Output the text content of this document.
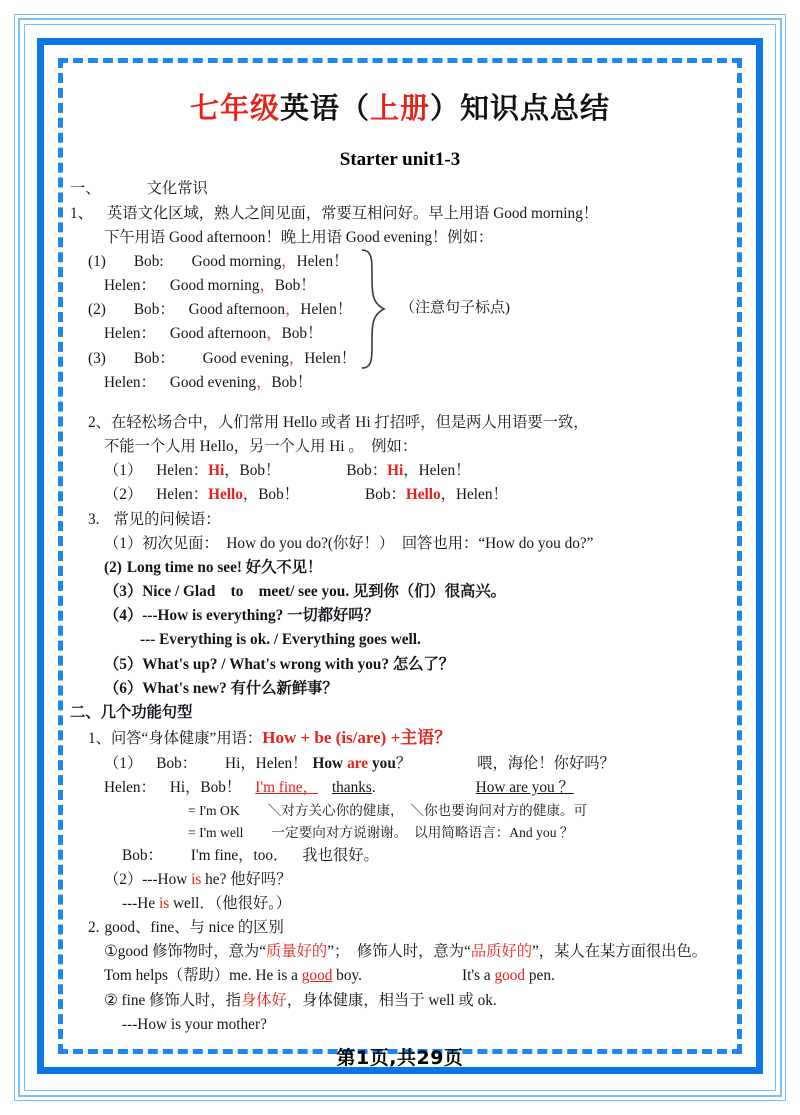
七年级英语（上册）知识点总结
Starter unit1-3

一、	文化常识

1、 英语文化区域，熟人之间见面，常要互相问好。早上用语 Good morning！

下午用语 Good afternoon！晚上用语 Good evening！例如：

(1) Bob: Good morning，Helen！

Helen： Good morning，Bob！

(2) Bob： Good afternoon，Helen！

Helen： Good afternoon，Bob！

(3) Bob： Good evening，Helen！

Helen： Good evening，Bob！

（注意句子标点)

2、在轻松场合中，人们常用 Hello 或者 Hi 打招呼，但是两人用语要一致，

不能一个人用 Hello，另一个人用 Hi 。　例如：

（1） Helen：Hi，Bob！	Bob：Hi，Helen！

（2） Helen：Hello，Bob！	Bob：Hello，Helen！

3. 常见的问候语：

（1）初次见面：　How do you do?(你好！）　回答也用：“How do you do?”

(2) Long time no see! 好久不见！

（3）Nice / Glad　to　meet/ see you. 见到你（们）很高兴。

（4）---How is everything? 一切都好吗？

--- Everything is ok. / Everything goes well.

（5）What's up? / What's wrong with you? 怎么了？

（6）What's new? 有什么新鲜事？

二、几个功能句型

1、问答“身体健康”用语：How + be (is/are) +主语？

（1） Bob： Hi，Helen！ How are you？	喂，海伦！你好吗？

Helen： Hi，Bob！ I'm fine， thanks.	How are you ？

= I'm OK ＼对方关心你的健康，　＼你也要询问对方的健康。可

= I'm well 一定要向对方说谢谢。　以用简略语言：And you ？

Bob： I'm fine，too． 我也很好。

（2）---How is he? 他好吗？

---He is well．（他很好。）

2. good、fine、与 nice 的区别

①good 修饰物时，意为“质量好的”；　修饰人时，意为“品质好的”，某人在某方面很出色。

Tom helps（帮助）me. He is a good boy.	It's a good pen.

② fine 修饰人时，指身体好，身体健康，相当于 well 或 ok.

---How is your mother?

第1页,共29页
